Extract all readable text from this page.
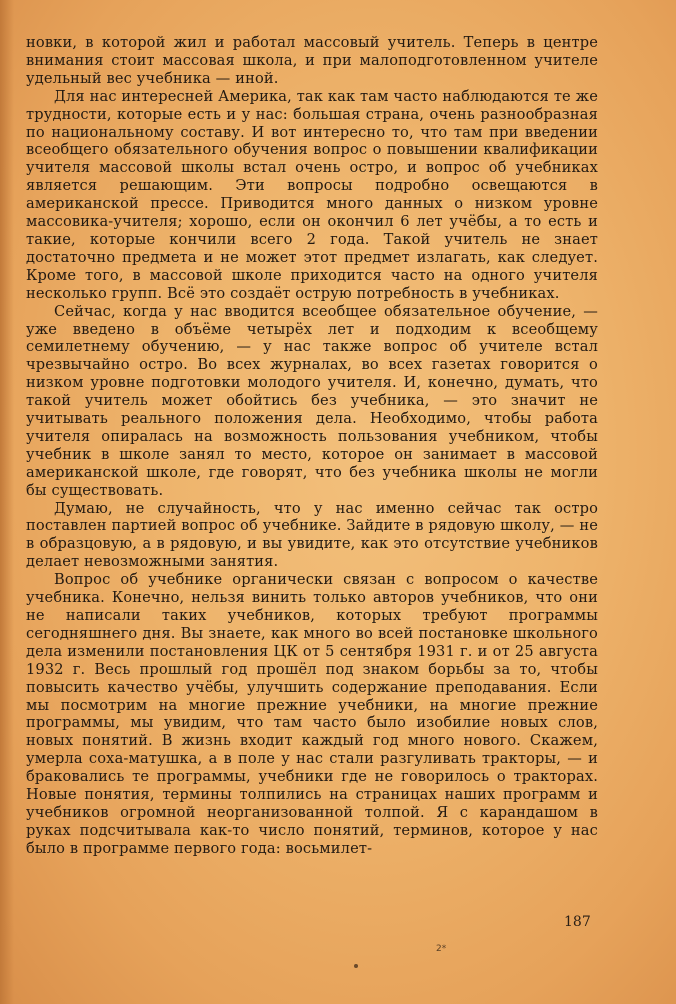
новки, в которой жил и работал массовый учитель. Теперь в центре внимания стоит массовая школа, и при малоподготовленном учителе удельный вес учебника — иной.

Для нас интересней Америка, так как там часто наблюдаются те же трудности, которые есть и у нас: большая страна, очень разнообразная по национальному составу. И вот интересно то, что там при введении всеобщего обязательного обучения вопрос о повышении квалификации учителя массовой школы встал очень остро, и вопрос об учебниках является решающим. Эти вопросы подробно освещаются в американской прессе. Приводится много данных о низком уровне массовика-учителя; хорошо, если он окончил 6 лет учёбы, а то есть и такие, которые кончили всего 2 года. Такой учитель не знает достаточно предмета и не может этот предмет излагать, как следует. Кроме того, в массовой школе приходится часто на одного учителя несколько групп. Всё это создаёт острую потребность в учебниках.

Сейчас, когда у нас вводится всеобщее обязательное обучение, — уже введено в объёме четырёх лет и подходим к всеобщему семилетнему обучению, — у нас также вопрос об учителе встал чрезвычайно остро. Во всех журналах, во всех газетах говорится о низком уровне подготовки молодого учителя. И, конечно, думать, что такой учитель может обойтись без учебника, — это значит не учитывать реального положения дела. Необходимо, чтобы работа учителя опиралась на возможность пользования учебником, чтобы учебник в школе занял то место, которое он занимает в массовой американской школе, где говорят, что без учебника школы не могли бы существовать.

Думаю, не случайность, что у нас именно сейчас так остро поставлен партией вопрос об учебнике. Зайдите в рядовую школу, — не в образцовую, а в рядовую, и вы увидите, как это отсутствие учебников делает невозможными занятия.

Вопрос об учебнике органически связан с вопросом о качестве учебника. Конечно, нельзя винить только авторов учебников, что они не написали таких учебников, которых требуют программы сегодняшнего дня. Вы знаете, как много во всей постановке школьного дела изменили постановления ЦК от 5 сентября 1931 г. и от 25 августа 1932 г. Весь прошлый год прошёл под знаком борьбы за то, чтобы повысить качество учёбы, улучшить содержание преподавания. Если мы посмотрим на многие прежние учебники, на многие прежние программы, мы увидим, что там часто было изобилие новых слов, новых понятий. В жизнь входит каждый год много нового. Скажем, умерла соха-матушка, а в поле у нас стали разгуливать тракторы, — и браковались те программы, учебники где не говорилось о тракторах. Новые понятия, термины толпились на страницах наших программ и учебников огромной неорганизованной толпой. Я с карандашом в руках подсчитывала как-то число понятий, терминов, которое у нас было в программе первого года: восьмилет-

187
2*
